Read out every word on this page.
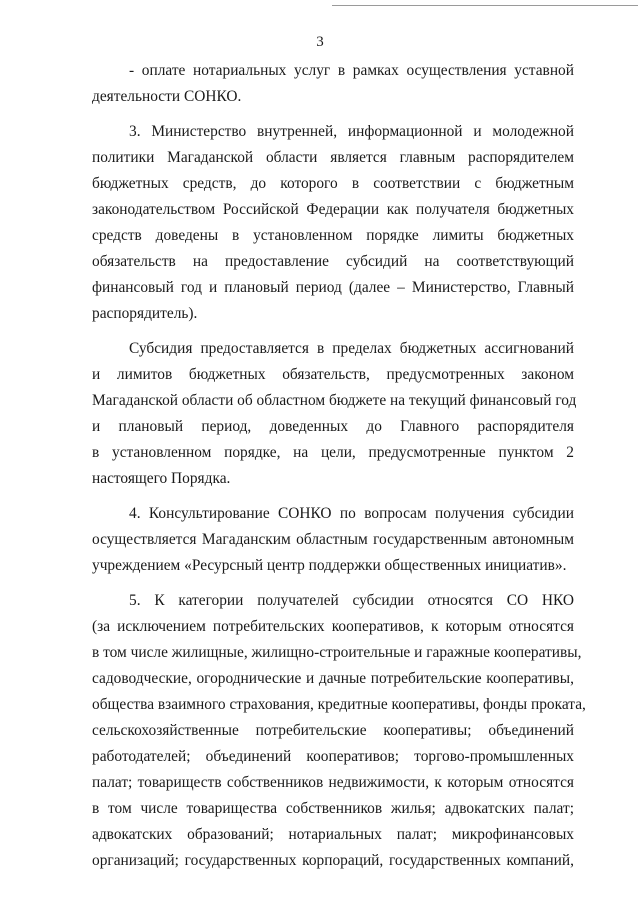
3
- оплате нотариальных услуг в рамках осуществления уставной
деятельности СОНКО.
3. Министерство внутренней, информационной и молодежной
политики Магаданской области является главным распорядителем
бюджетных средств, до которого в соответствии с бюджетным
законодательством Российской Федерации как получателя бюджетных
средств доведены в установленном порядке лимиты бюджетных
обязательств на предоставление субсидий на соответствующий
финансовый год и плановый период (далее – Министерство, Главный
распорядитель).
Субсидия предоставляется в пределах бюджетных ассигнований
и лимитов бюджетных обязательств, предусмотренных законом
Магаданской области об областном бюджете на текущий финансовый год
и плановый период, доведенных до Главного распорядителя
в установленном порядке, на цели, предусмотренные пунктом 2
настоящего Порядка.
4. Консультирование СОНКО по вопросам получения субсидии
осуществляется Магаданским областным государственным автономным
учреждением «Ресурсный центр поддержки общественных инициатив».
5. К категории получателей субсидии относятся СО НКО
(за исключением потребительских кооперативов, к которым относятся
в том числе жилищные, жилищно-строительные и гаражные кооперативы,
садоводческие, огороднические и дачные потребительские кооперативы,
общества взаимного страхования, кредитные кооперативы, фонды проката,
сельскохозяйственные потребительские кооперативы; объединений
работодателей; объединений кооперативов; торгово-промышленных
палат; товариществ собственников недвижимости, к которым относятся
в том числе товарищества собственников жилья; адвокатских палат;
адвокатских образований; нотариальных палат; микрофинансовых
организаций; государственных корпораций, государственных компаний,
